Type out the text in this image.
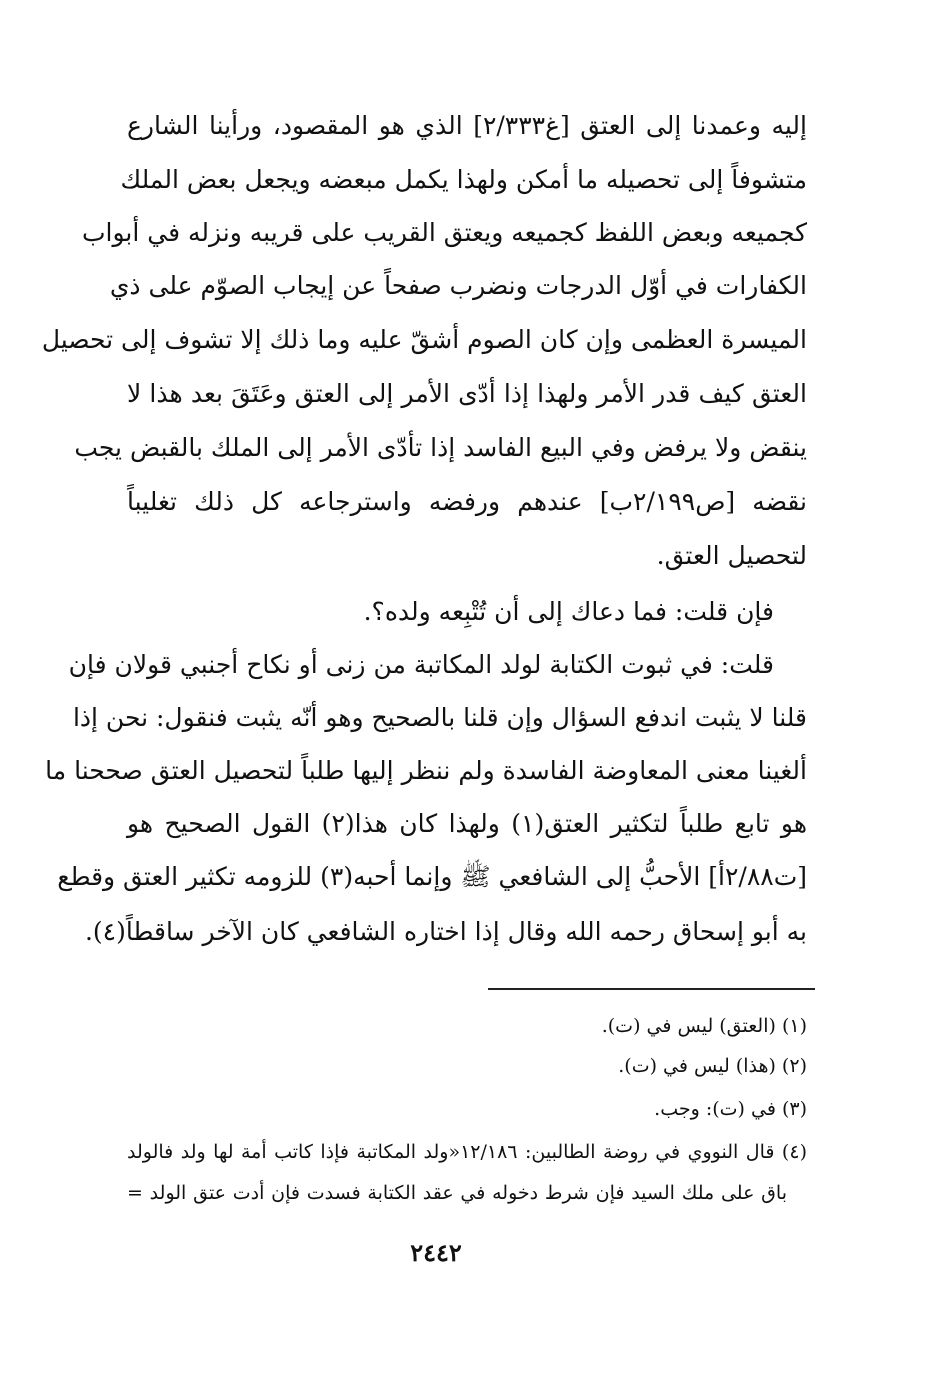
إليه وعمدنا إلى العتق [غ٢/٣٣٣] الذي هو المقصود، ورأينا الشارع
متشوفاً إلى تحصيله ما أمكن ولهذا يكمل مبعضه ويجعل بعض الملك
كجميعه وبعض اللفظ كجميعه ويعتق القريب على قريبه ونزله في أبواب
الكفارات في أوّل الدرجات ونضرب صفحاً عن إيجاب الصوّم على ذي
الميسرة العظمى وإن كان الصوم أشقّ عليه وما ذلك إلا تشوف إلى تحصيل
العتق كيف قدر الأمر ولهذا إذا أدّى الأمر إلى العتق وعَتَقَ بعد هذا لا
ينقض ولا يرفض وفي البيع الفاسد إذا تأدّى الأمر إلى الملك بالقبض يجب
نقضه [ص٢/١٩٩ب] عندهم ورفضه واسترجاعه كل ذلك تغليباً
لتحصيل العتق.
فإن قلت: فما دعاك إلى أن تُتْبِعه ولده؟.
قلت: في ثبوت الكتابة لولد المكاتبة من زنى أو نكاح أجنبي قولان فإن
قلنا لا يثبت اندفع السؤال وإن قلنا بالصحيح وهو أنّه يثبت فنقول: نحن إذا
ألغينا معنى المعاوضة الفاسدة ولم ننظر إليها طلباً لتحصيل العتق صححنا ما
هو تابع طلباً لتكثير العتق(١) ولهذا كان هذا(٢) القول الصحيح هو
[ت٢/٨٨أ] الأحبُّ إلى الشافعي ﷺ وإنما أحبه(٣) للزومه تكثير العتق وقطع
به أبو إسحاق رحمه الله وقال إذا اختاره الشافعي كان الآخر ساقطاً(٤).
(١) (العتق) ليس في (ت).
(٢) (هذا) ليس في (ت).
(٣) في (ت): وجب.
(٤) قال النووي في روضة الطالبين: ١٢/١٨٦«ولد المكاتبة فإذا كاتب أمة لها ولد فالولد
باق على ملك السيد فإن شرط دخوله في عقد الكتابة فسدت فإن أدت عتق الولد =
٢٤٤٢
